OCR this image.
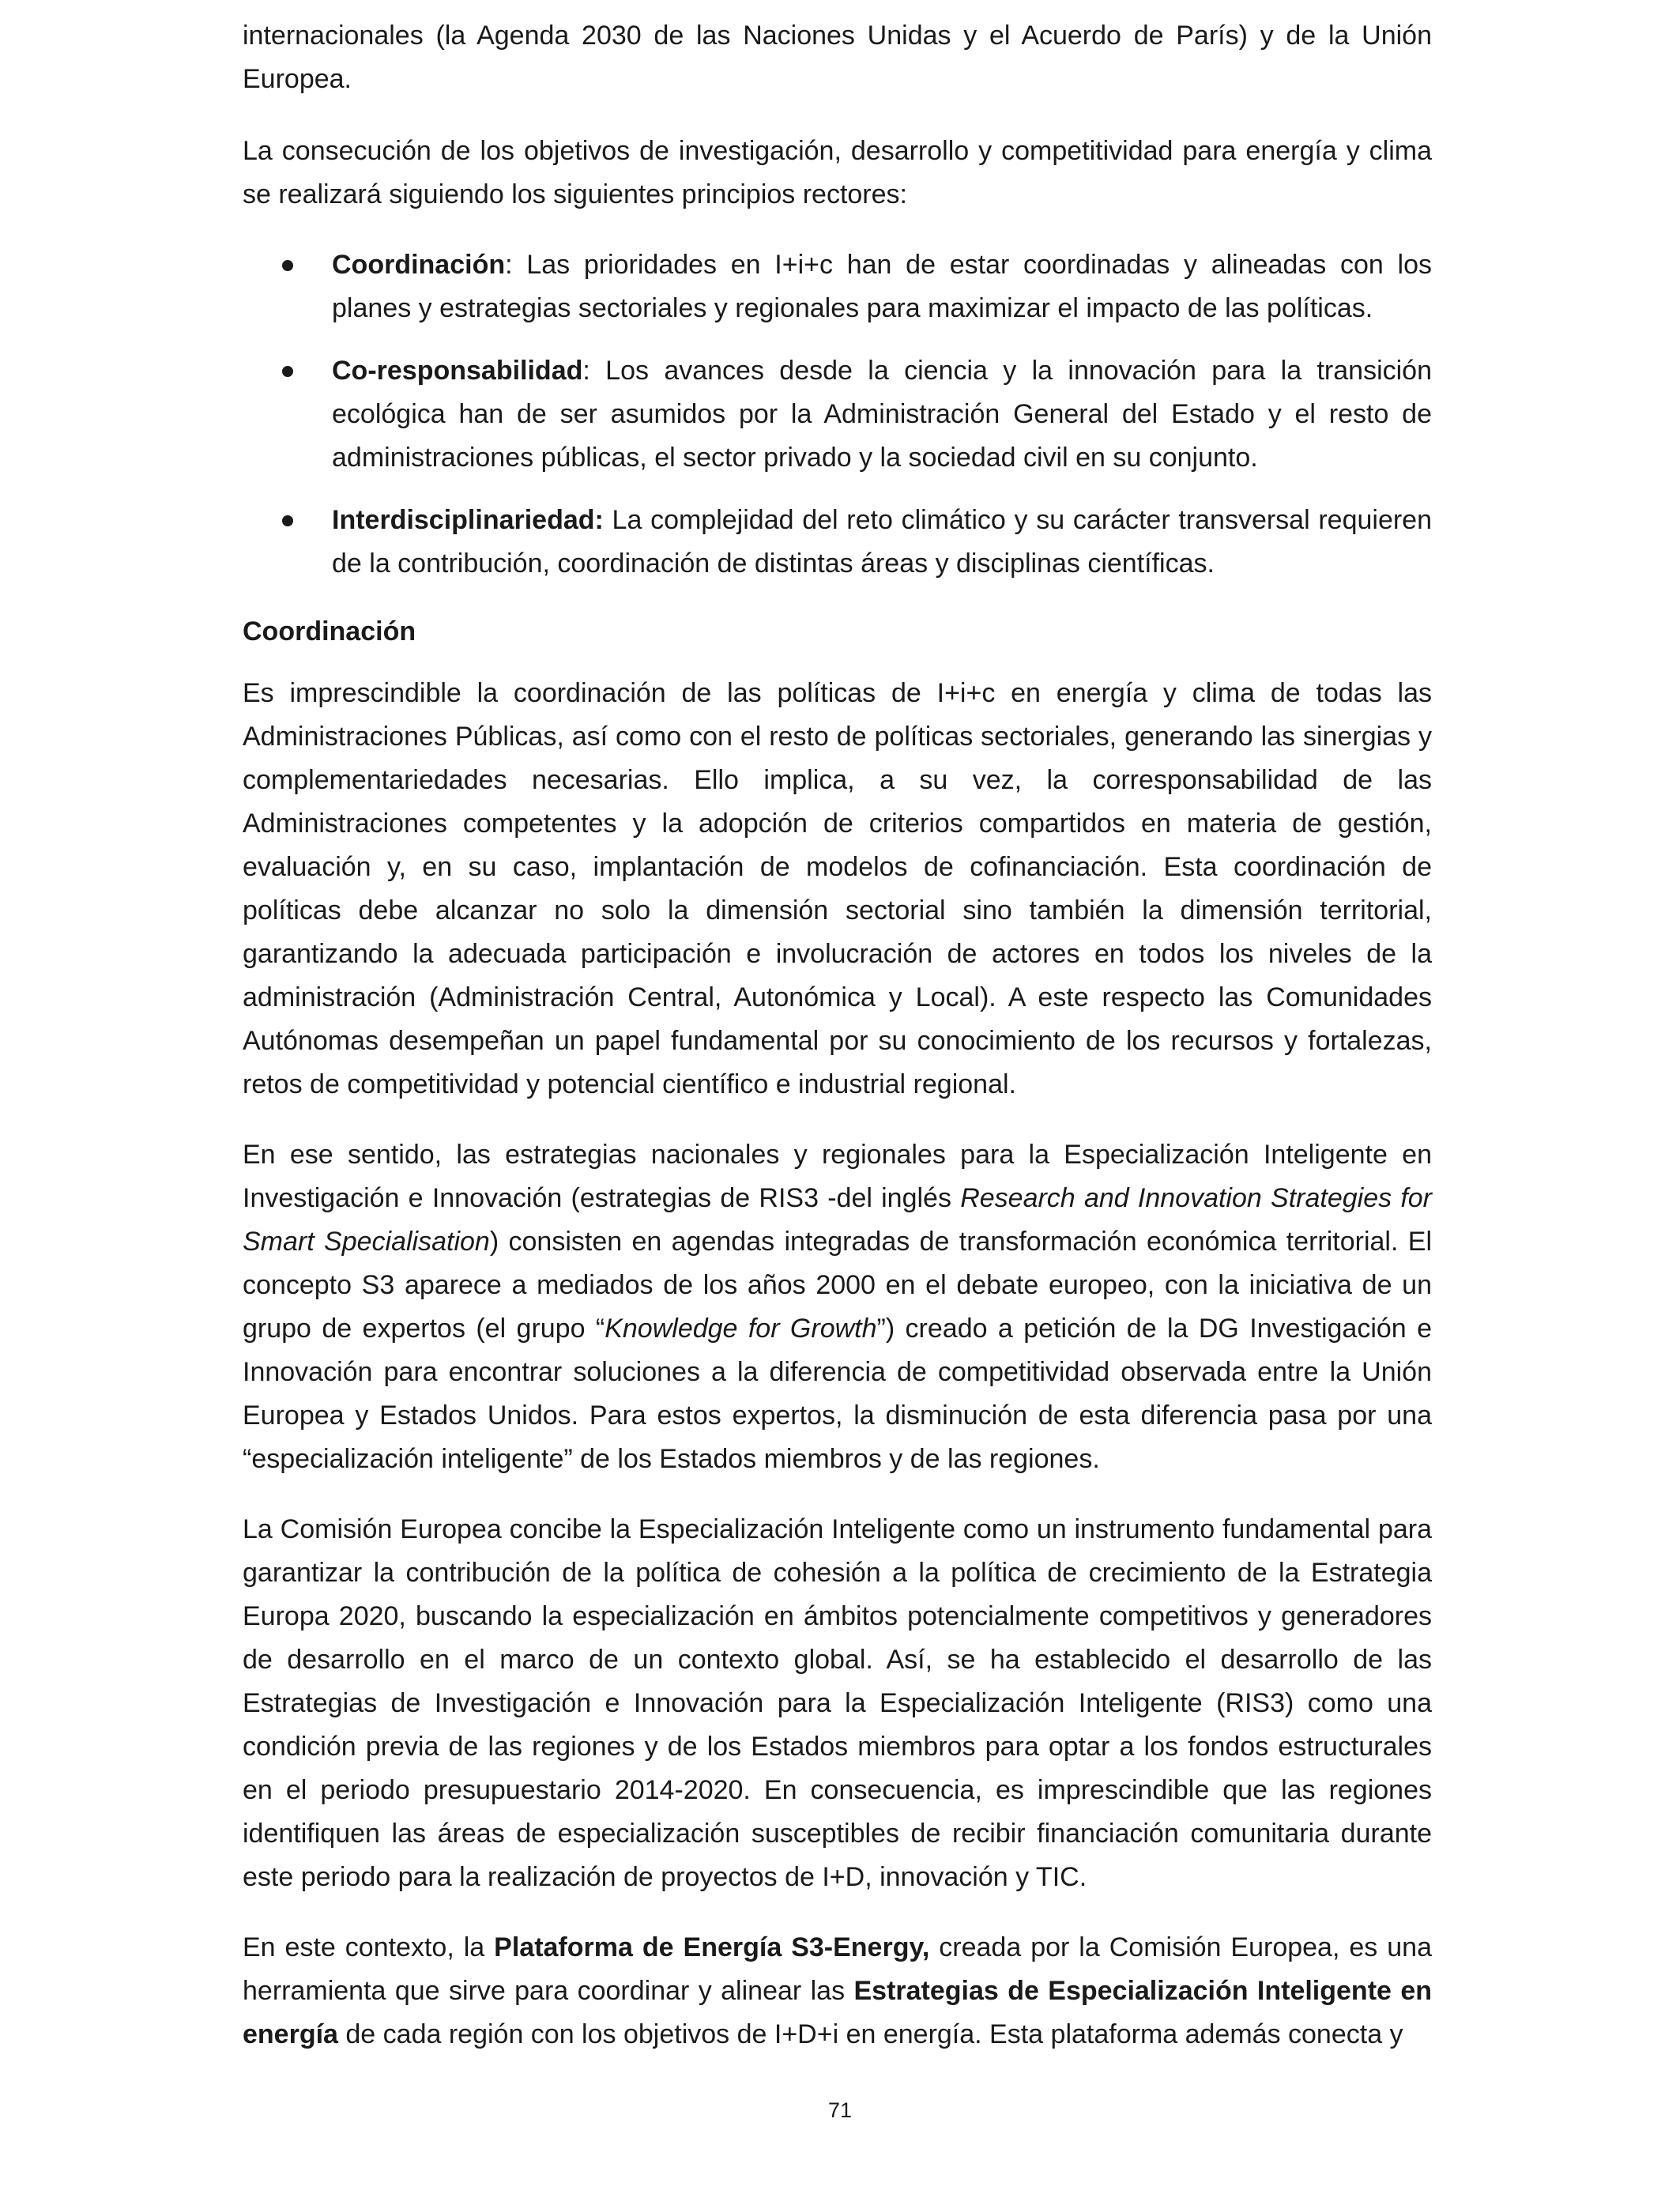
internacionales (la Agenda 2030 de las Naciones Unidas y el Acuerdo de París) y de la Unión Europea.

La consecución de los objetivos de investigación, desarrollo y competitividad para energía y clima se realizará siguiendo los siguientes principios rectores:

Coordinación: Las prioridades en I+i+c han de estar coordinadas y alineadas con los planes y estrategias sectoriales y regionales para maximizar el impacto de las políticas.

Co-responsabilidad: Los avances desde la ciencia y la innovación para la transición ecológica han de ser asumidos por la Administración General del Estado y el resto de administraciones públicas, el sector privado y la sociedad civil en su conjunto.

Interdisciplinariedad: La complejidad del reto climático y su carácter transversal requieren de la contribución, coordinación de distintas áreas y disciplinas científicas.

Coordinación

Es imprescindible la coordinación de las políticas de I+i+c en energía y clima de todas las Administraciones Públicas, así como con el resto de políticas sectoriales, generando las sinergias y complementariedades necesarias. Ello implica, a su vez, la corresponsabilidad de las Administraciones competentes y la adopción de criterios compartidos en materia de gestión, evaluación y, en su caso, implantación de modelos de cofinanciación. Esta coordinación de políticas debe alcanzar no solo la dimensión sectorial sino también la dimensión territorial, garantizando la adecuada participación e involucración de actores en todos los niveles de la administración (Administración Central, Autonómica y Local). A este respecto las Comunidades Autónomas desempeñan un papel fundamental por su conocimiento de los recursos y fortalezas, retos de competitividad y potencial científico e industrial regional.

En ese sentido, las estrategias nacionales y regionales para la Especialización Inteligente en Investigación e Innovación (estrategias de RIS3 -del inglés Research and Innovation Strategies for Smart Specialisation) consisten en agendas integradas de transformación económica territorial. El concepto S3 aparece a mediados de los años 2000 en el debate europeo, con la iniciativa de un grupo de expertos (el grupo “Knowledge for Growth”) creado a petición de la DG Investigación e Innovación para encontrar soluciones a la diferencia de competitividad observada entre la Unión Europea y Estados Unidos. Para estos expertos, la disminución de esta diferencia pasa por una “especialización inteligente” de los Estados miembros y de las regiones.

La Comisión Europea concibe la Especialización Inteligente como un instrumento fundamental para garantizar la contribución de la política de cohesión a la política de crecimiento de la Estrategia Europa 2020, buscando la especialización en ámbitos potencialmente competitivos y generadores de desarrollo en el marco de un contexto global. Así, se ha establecido el desarrollo de las Estrategias de Investigación e Innovación para la Especialización Inteligente (RIS3) como una condición previa de las regiones y de los Estados miembros para optar a los fondos estructurales en el periodo presupuestario 2014-2020. En consecuencia, es imprescindible que las regiones identifiquen las áreas de especialización susceptibles de recibir financiación comunitaria durante este periodo para la realización de proyectos de I+D, innovación y TIC.

En este contexto, la Plataforma de Energía S3-Energy, creada por la Comisión Europea, es una herramienta que sirve para coordinar y alinear las Estrategias de Especialización Inteligente en energía de cada región con los objetivos de I+D+i en energía. Esta plataforma además conecta y

71
